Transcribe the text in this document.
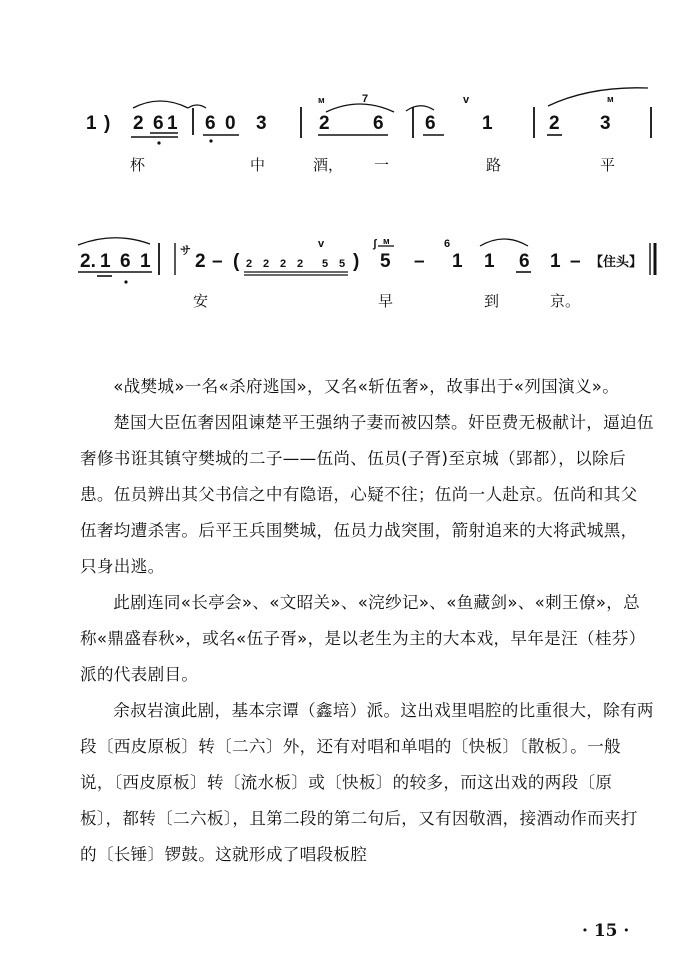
1 ) 2 6 1 6 0 3
ᴍ
2
7
6 6
v
1	2
ᴍ
3
杯	中	酒， 一	路	平
2. 1 6 1	サ 2 – ( 2 2 2 2 5 5
v
)
ʃ ᴍ
5 –
6
1 1 6 1 – 【住头】
安	早	到	京。

«战樊城»一名«杀府逃国»，又名«斩伍奢»，故事出于«列国演义»。

楚国大臣伍奢因阻谏楚平王强纳子妻而被囚禁。奸臣费无极献计，逼迫伍奢修书诳其镇守樊城的二子——伍尚、伍员(子胥)至京城（郢都），以除后患。伍员辨出其父书信之中有隐语，心疑不往；伍尚一人赴京。伍尚和其父伍奢均遭杀害。后平王兵围樊城，伍员力战突围，箭射追来的大将武城黑，只身出逃。

此剧连同«长亭会»、«文昭关»、«浣纱记»、«鱼藏剑»、«刺王僚»，总称«鼎盛春秋»，或名«伍子胥»，是以老生为主的大本戏，早年是汪（桂芬）派的代表剧目。

余叔岩演此剧，基本宗谭（鑫培）派。这出戏里唱腔的比重很大，除有两段〔西皮原板〕转〔二六〕外，还有对唱和单唱的〔快板〕〔散板〕。一般说，〔西皮原板〕转〔流水板〕或〔快板〕的较多，而这出戏的两段〔原板〕，都转〔二六板〕，且第二段的第二句后，又有因敬酒，接酒动作而夹打的〔长锤〕锣鼓。这就形成了唱段板腔

· 15 ·
